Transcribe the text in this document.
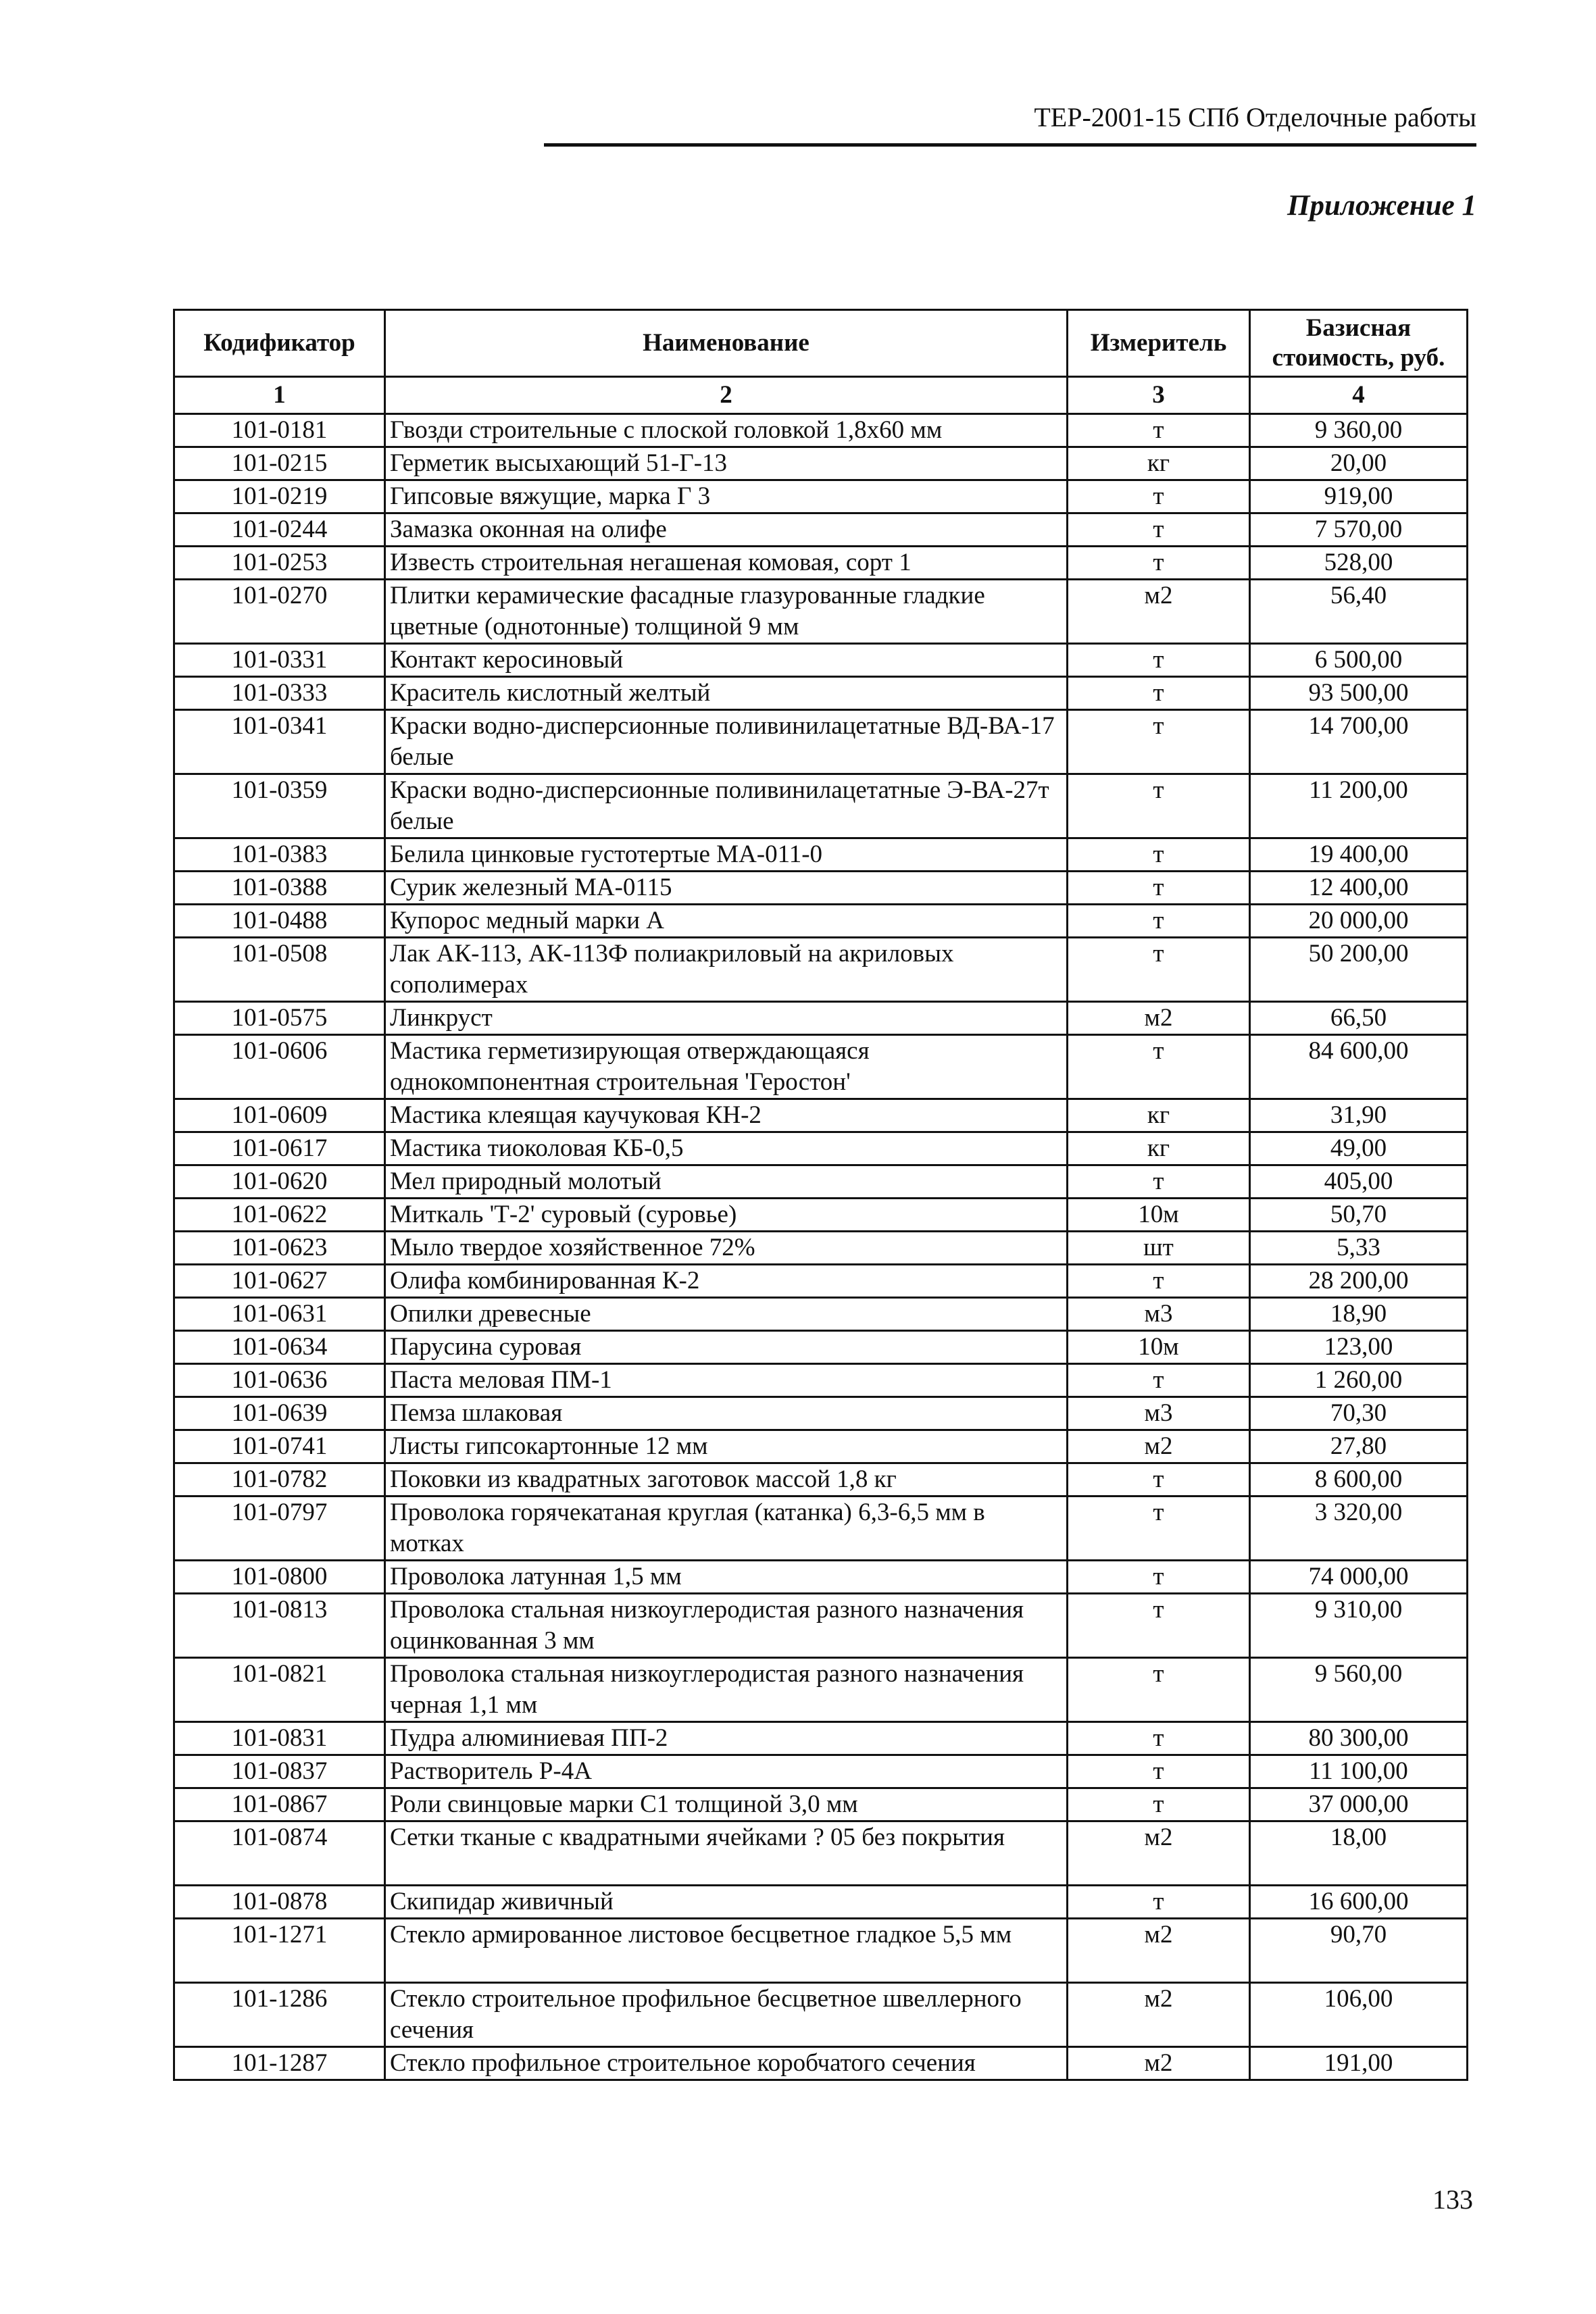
ТЕР-2001-15 СПб Отделочные работы
Приложение 1
Кодификатор	Наименование	Измеритель	Базисная стоимость, руб.
1	2	3	4
101-0181	Гвозди строительные с плоской головкой 1,8х60 мм	т	9 360,00
101-0215	Герметик высыхающий 51-Г-13	кг	20,00
101-0219	Гипсовые вяжущие, марка Г 3	т	919,00
101-0244	Замазка оконная на олифе	т	7 570,00
101-0253	Известь строительная негашеная комовая, сорт 1	т	528,00
101-0270	Плитки керамические фасадные глазурованные гладкие цветные (однотонные) толщиной 9 мм	м2	56,40
101-0331	Контакт керосиновый	т	6 500,00
101-0333	Краситель кислотный желтый	т	93 500,00
101-0341	Краски водно-дисперсионные поливинилацетатные ВД-ВА-17 белые	т	14 700,00
101-0359	Краски водно-дисперсионные поливинилацетатные Э-ВА-27т белые	т	11 200,00
101-0383	Белила цинковые густотертые МА-011-0	т	19 400,00
101-0388	Сурик железный МА-0115	т	12 400,00
101-0488	Купорос медный марки А	т	20 000,00
101-0508	Лак АК-113, АК-113Ф полиакриловый на акриловых сополимерах	т	50 200,00
101-0575	Линкруст	м2	66,50
101-0606	Мастика герметизирующая отверждающаяся однокомпонентная строительная 'Геростон'	т	84 600,00
101-0609	Мастика клеящая каучуковая КН-2	кг	31,90
101-0617	Мастика тиоколовая КБ-0,5	кг	49,00
101-0620	Мел природный молотый	т	405,00
101-0622	Миткаль 'Т-2' суровый (суровье)	10м	50,70
101-0623	Мыло твердое хозяйственное 72%	шт	5,33
101-0627	Олифа комбинированная К-2	т	28 200,00
101-0631	Опилки древесные	м3	18,90
101-0634	Парусина суровая	10м	123,00
101-0636	Паста меловая ПМ-1	т	1 260,00
101-0639	Пемза шлаковая	м3	70,30
101-0741	Листы гипсокартонные 12 мм	м2	27,80
101-0782	Поковки из квадратных заготовок массой 1,8 кг	т	8 600,00
101-0797	Проволока горячекатаная круглая (катанка) 6,3-6,5 мм в мотках	т	3 320,00
101-0800	Проволока латунная 1,5 мм	т	74 000,00
101-0813	Проволока стальная низкоуглеродистая разного назначения оцинкованная 3 мм	т	9 310,00
101-0821	Проволока стальная низкоуглеродистая разного назначения черная 1,1 мм	т	9 560,00
101-0831	Пудра алюминиевая ПП-2	т	80 300,00
101-0837	Растворитель Р-4А	т	11 100,00
101-0867	Роли свинцовые марки С1 толщиной 3,0 мм	т	37 000,00
101-0874	Сетки тканые с квадратными ячейками ? 05 без покрытия	м2	18,00
101-0878	Скипидар живичный	т	16 600,00
101-1271	Стекло армированное листовое бесцветное гладкое 5,5 мм	м2	90,70
101-1286	Стекло строительное профильное бесцветное швеллерного сечения	м2	106,00
101-1287	Стекло профильное строительное коробчатого сечения	м2	191,00
133
